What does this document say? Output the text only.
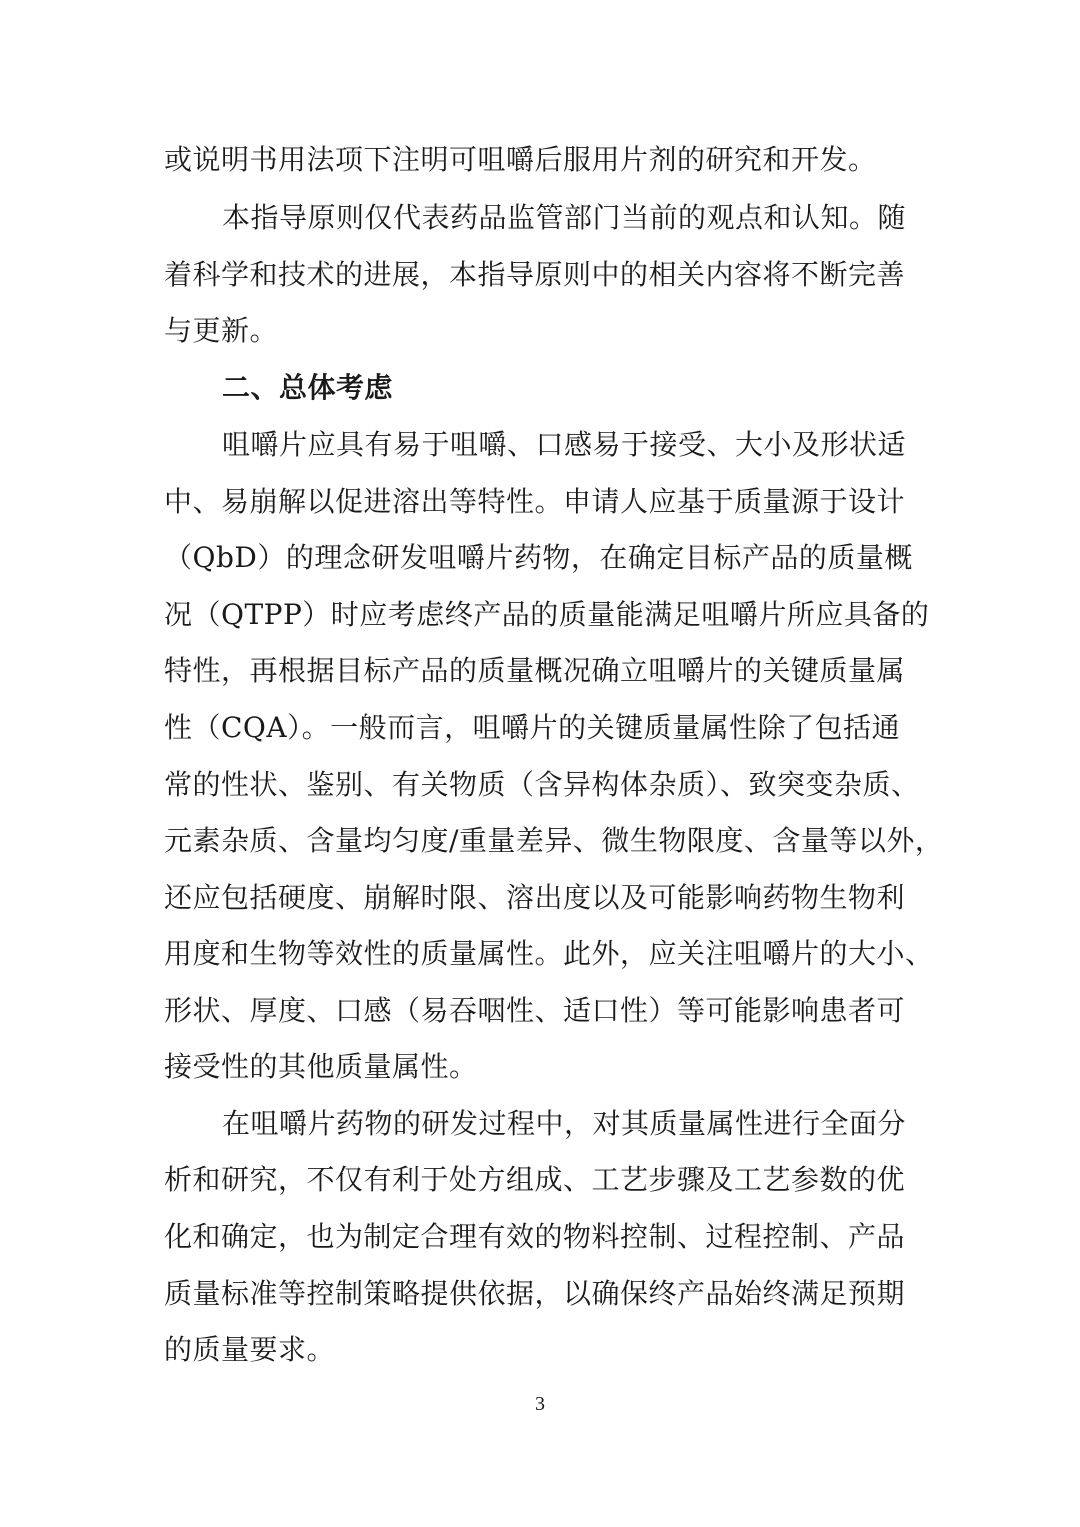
或说明书用法项下注明可咀嚼后服用片剂的研究和开发。
本指导原则仅代表药品监管部门当前的观点和认知。随
着科学和技术的进展，本指导原则中的相关内容将不断完善
与更新。
二、总体考虑
咀嚼片应具有易于咀嚼、口感易于接受、大小及形状适
中、易崩解以促进溶出等特性。申请人应基于质量源于设计
（QbD）的理念研发咀嚼片药物，在确定目标产品的质量概
况（QTPP）时应考虑终产品的质量能满足咀嚼片所应具备的
特性，再根据目标产品的质量概况确立咀嚼片的关键质量属
性（CQA）。一般而言，咀嚼片的关键质量属性除了包括通
常的性状、鉴别、有关物质（含异构体杂质）、致突变杂质、
元素杂质、含量均匀度/重量差异、微生物限度、含量等以外，
还应包括硬度、崩解时限、溶出度以及可能影响药物生物利
用度和生物等效性的质量属性。此外，应关注咀嚼片的大小、
形状、厚度、口感（易吞咽性、适口性）等可能影响患者可
接受性的其他质量属性。
在咀嚼片药物的研发过程中，对其质量属性进行全面分
析和研究，不仅有利于处方组成、工艺步骤及工艺参数的优
化和确定，也为制定合理有效的物料控制、过程控制、产品
质量标准等控制策略提供依据，以确保终产品始终满足预期
的质量要求。
3
